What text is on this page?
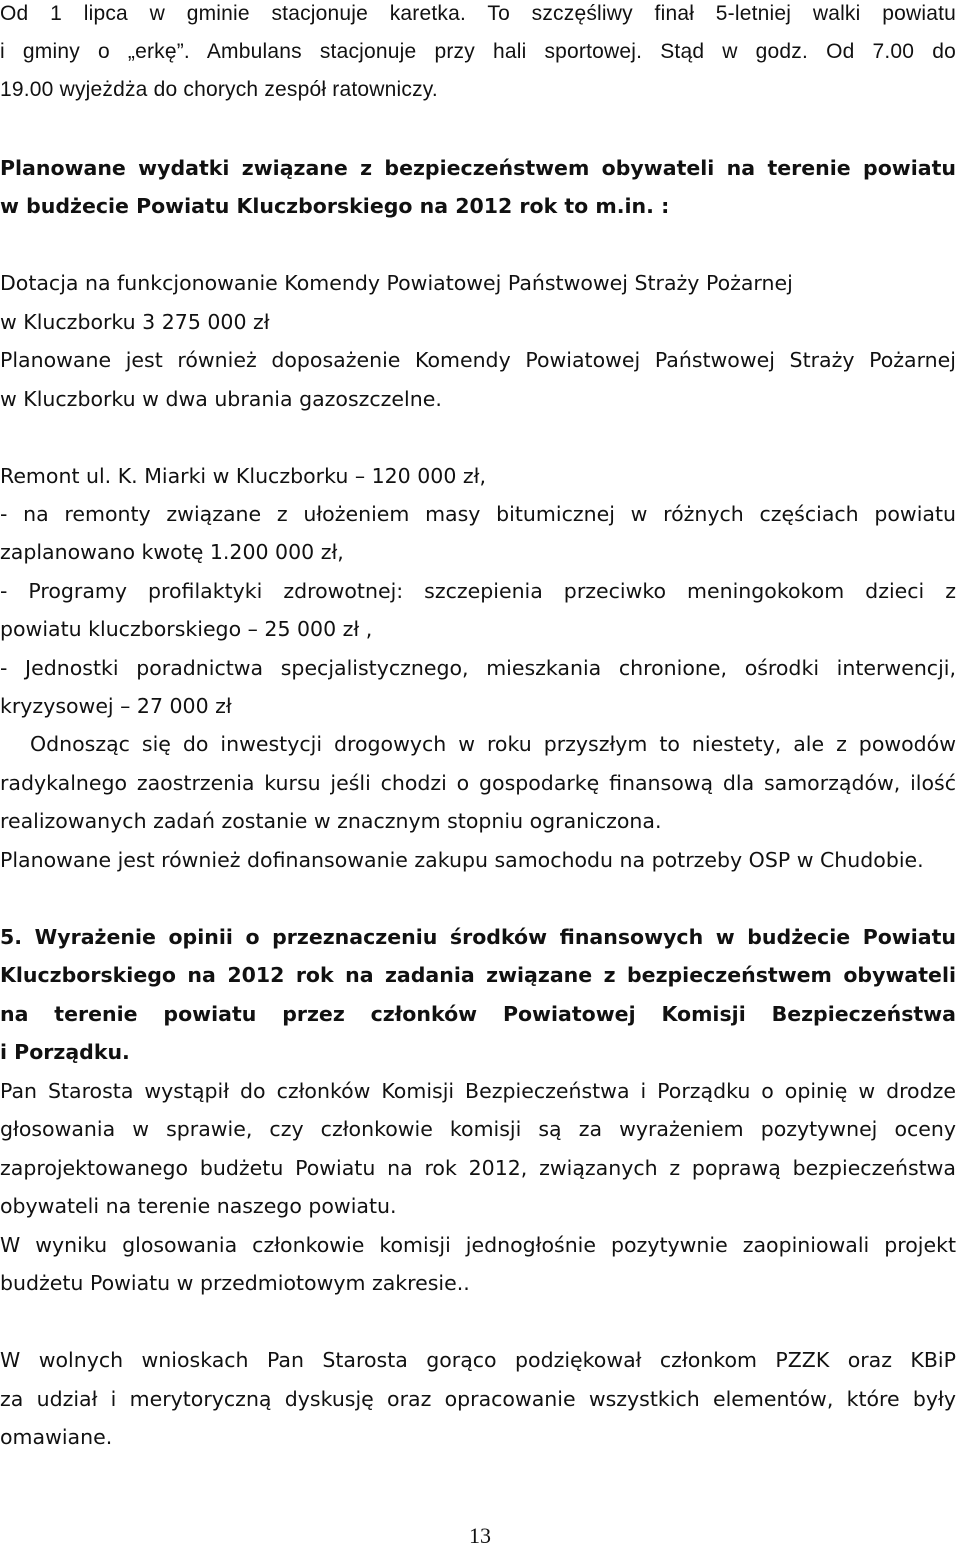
Od 1 lipca w gminie stacjonuje karetka. To szczęśliwy finał 5-letniej walki powiatu
i gminy o „erkę”. Ambulans stacjonuje przy hali sportowej. Stąd w godz. Od 7.00 do
19.00 wyjeżdża do chorych zespół ratowniczy.
Planowane wydatki związane z bezpieczeństwem obywateli na terenie powiatu
w budżecie Powiatu Kluczborskiego na 2012 rok to m.in. :
Dotacja na funkcjonowanie Komendy Powiatowej Państwowej Straży Pożarnej
w Kluczborku 3 275 000 zł
Planowane jest również doposażenie Komendy Powiatowej Państwowej Straży Pożarnej
w Kluczborku w dwa ubrania gazoszczelne.
Remont ul. K. Miarki w Kluczborku – 120 000 zł,
- na remonty związane z ułożeniem masy bitumicznej w różnych częściach powiatu
zaplanowano kwotę 1.200 000 zł,
- Programy profilaktyki zdrowotnej: szczepienia przeciwko meningokokom dzieci z
powiatu kluczborskiego – 25 000 zł ,
- Jednostki poradnictwa specjalistycznego, mieszkania chronione, ośrodki interwencji,
kryzysowej – 27 000 zł
Odnosząc się do inwestycji drogowych w roku przyszłym to niestety, ale z powodów
radykalnego zaostrzenia kursu jeśli chodzi o gospodarkę finansową dla samorządów, ilość
realizowanych zadań zostanie w znacznym stopniu ograniczona.
Planowane jest również dofinansowanie zakupu samochodu na potrzeby OSP w Chudobie.
5. Wyrażenie opinii o przeznaczeniu środków finansowych w budżecie Powiatu
Kluczborskiego na 2012 rok na zadania związane z bezpieczeństwem obywateli
na terenie powiatu przez członków Powiatowej Komisji Bezpieczeństwa
i Porządku.
Pan Starosta wystąpił do członków Komisji Bezpieczeństwa i Porządku o opinię w drodze
głosowania w sprawie, czy członkowie komisji są za wyrażeniem pozytywnej oceny
zaprojektowanego budżetu Powiatu na rok 2012, związanych z poprawą bezpieczeństwa
obywateli na terenie naszego powiatu.
W wyniku glosowania członkowie komisji jednogłośnie pozytywnie zaopiniowali projekt
budżetu Powiatu w przedmiotowym zakresie..
W wolnych wnioskach Pan Starosta gorąco podziękował członkom PZZK oraz KBiP
za udział i merytoryczną dyskusję oraz opracowanie wszystkich elementów, które były
omawiane.
13
